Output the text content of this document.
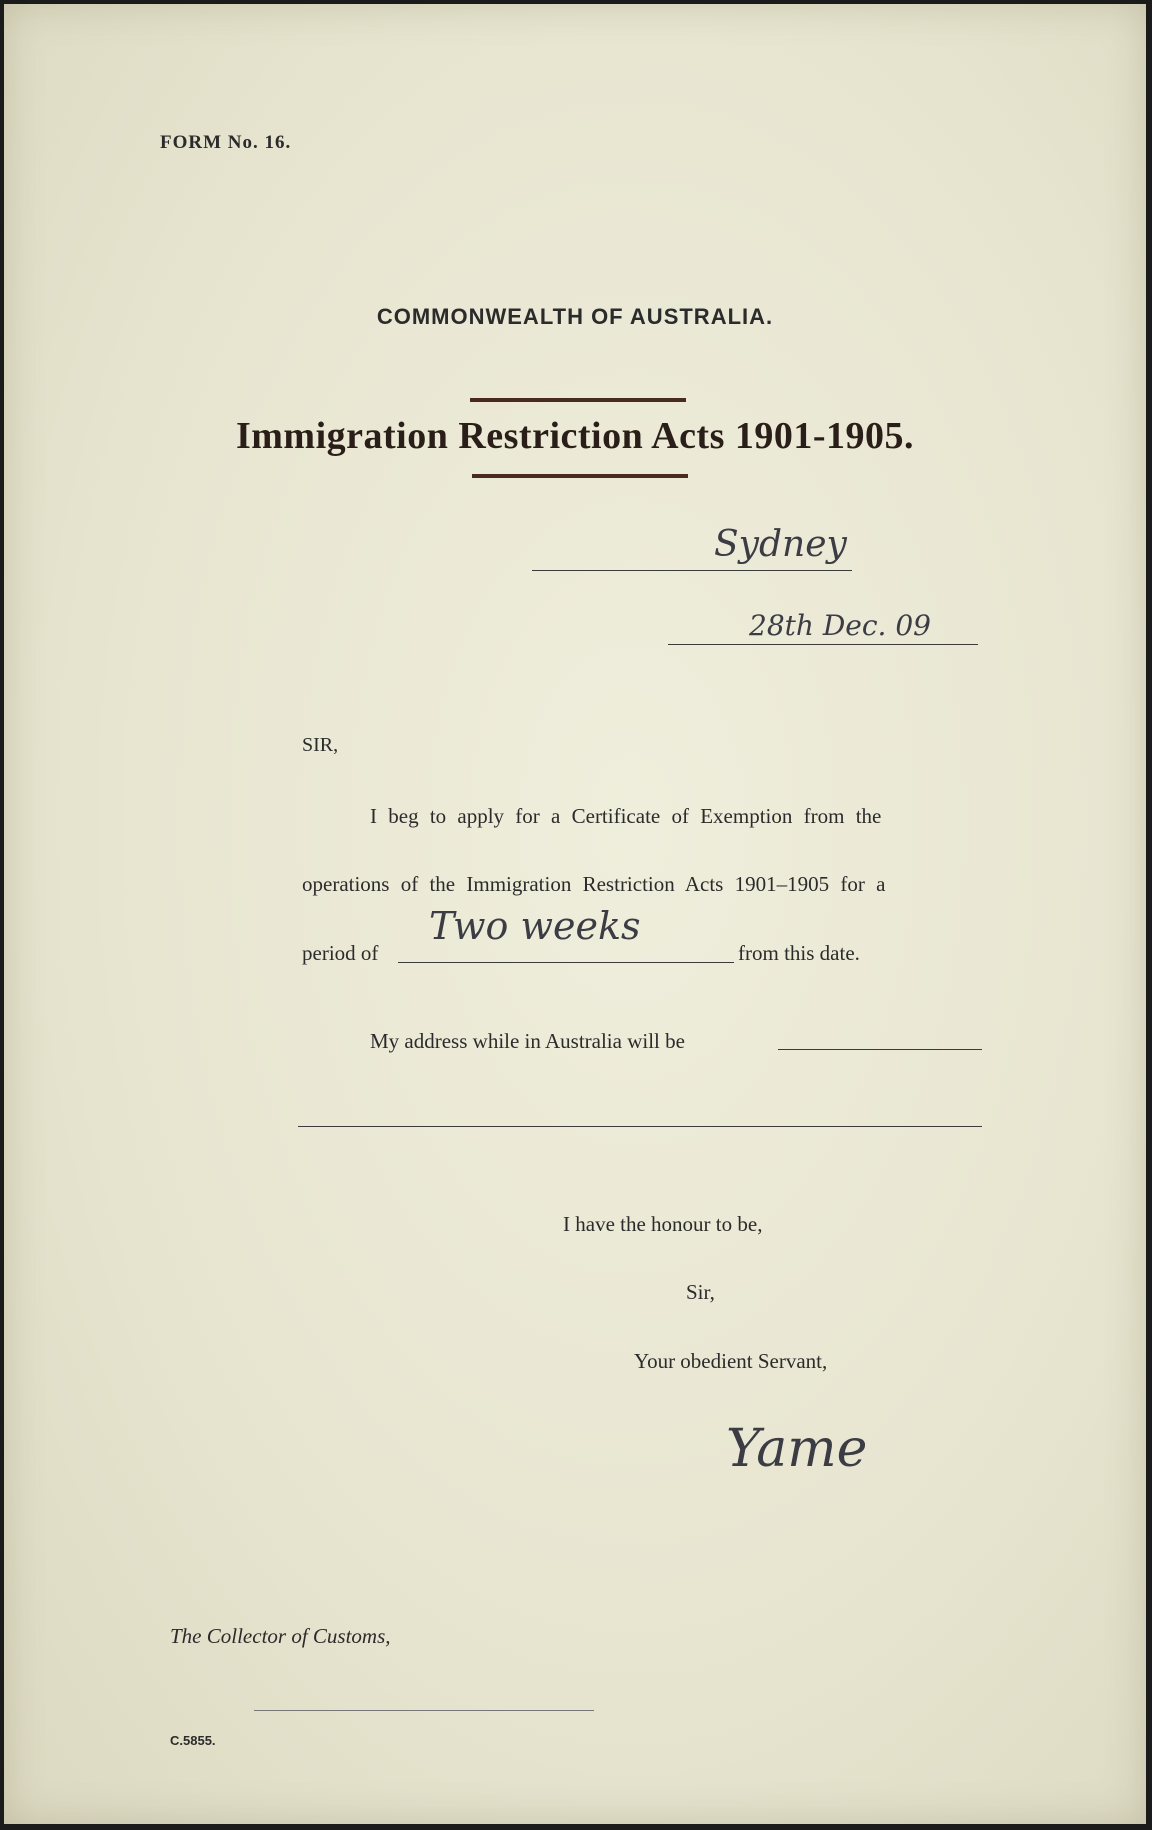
FORM No. 16.
COMMONWEALTH OF AUSTRALIA.
Immigration Restriction Acts 1901-1905.
Sydney
28th Dec. 09
SIR,
I beg to apply for a Certificate of Exemption from the
operations of the Immigration Restriction Acts 1901–1905 for a
period of
Two weeks
from this date.
My address while in Australia will be
I have the honour to be,
Sir,
Your obedient Servant,
Yame
The Collector of Customs,
C.5855.
